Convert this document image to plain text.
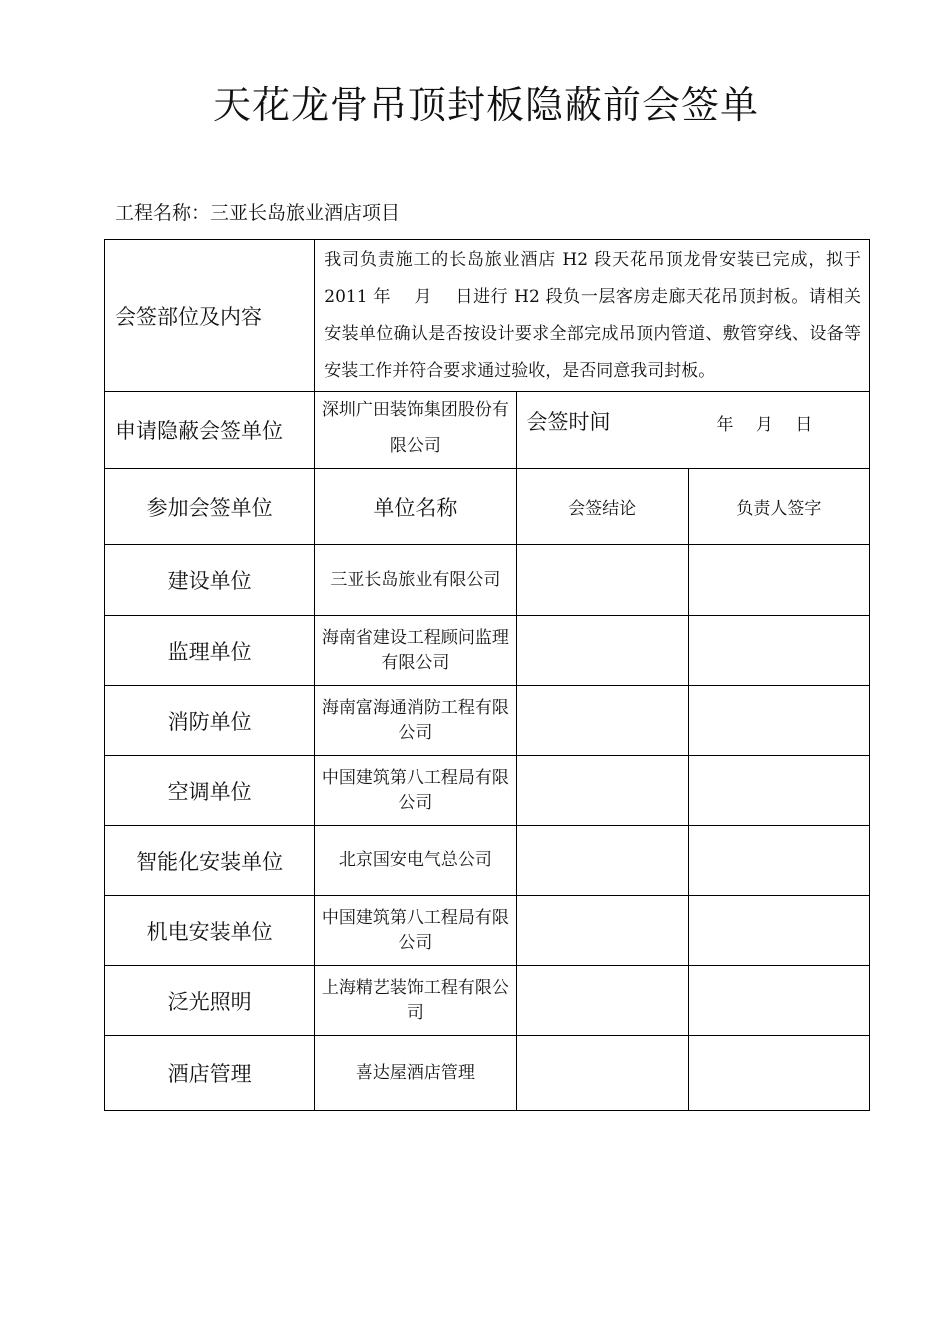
天花龙骨吊顶封板隐蔽前会签单
工程名称：三亚长岛旅业酒店项目
会签部位及内容	我司负责施工的长岛旅业酒店 H2 段天花吊顶龙骨安装已完成，拟于 2011 年　 月　 日进行 H2 段负一层客房走廊天花吊顶封板。请相关安装单位确认是否按设计要求全部完成吊顶内管道、敷管穿线、设备等安装工作并符合要求通过验收，是否同意我司封板。		
申请隐蔽会签单位	深圳广田装饰集团股份有限公司	会签时间 年　 月　 日	

参加会签单位	单位名称	会签结论	负责人签字
建设单位	三亚长岛旅业有限公司		
监理单位	海南省建设工程顾问监理有限公司		
消防单位	海南富海通消防工程有限公司		
空调单位	中国建筑第八工程局有限公司		
智能化安装单位	北京国安电气总公司		
机电安装单位	中国建筑第八工程局有限公司		
泛光照明	上海精艺装饰工程有限公司		
酒店管理	喜达屋酒店管理		
